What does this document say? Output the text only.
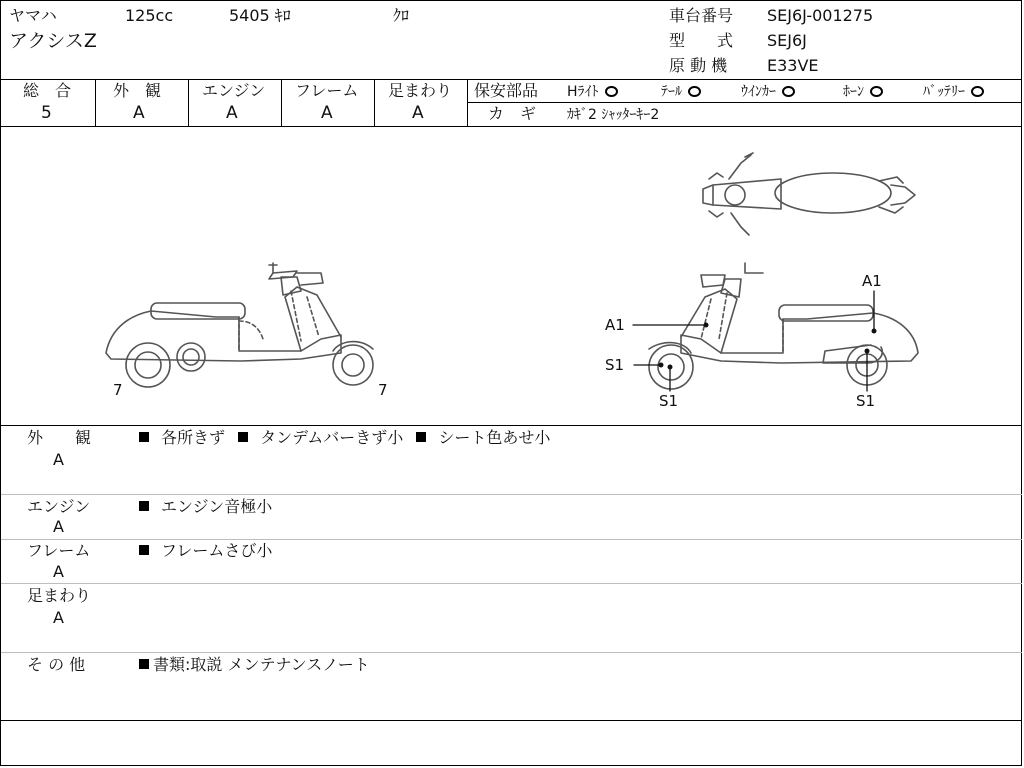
ヤマハ	125cc	5405 ｷﾛ	ｸﾛ
アクシスZ
車台番号 SEJ6J-001275
型　　式 SEJ6J
原 動 機 E33VE
総　合
5
外　観
A
エンジン
A
フレーム
A
足まわり
A
保安部品 Hﾗｲﾄ	ﾃｰﾙ	ｳｲﾝｶｰ	ﾎｰﾝ	ﾊﾞｯﾃﾘｰ
カ　ギ ｶｷﾞ2 ｼｬｯﾀｰｷｰ2
7	7
A1
A1
S1
S1	S1
外　　観
A
各所きず タンデムバーきず小 シート色あせ小
エンジン
A
エンジン音極小
フレーム
A
フレームさび小
足まわり
A
そ の 他	書類:取説 メンテナンスノート
